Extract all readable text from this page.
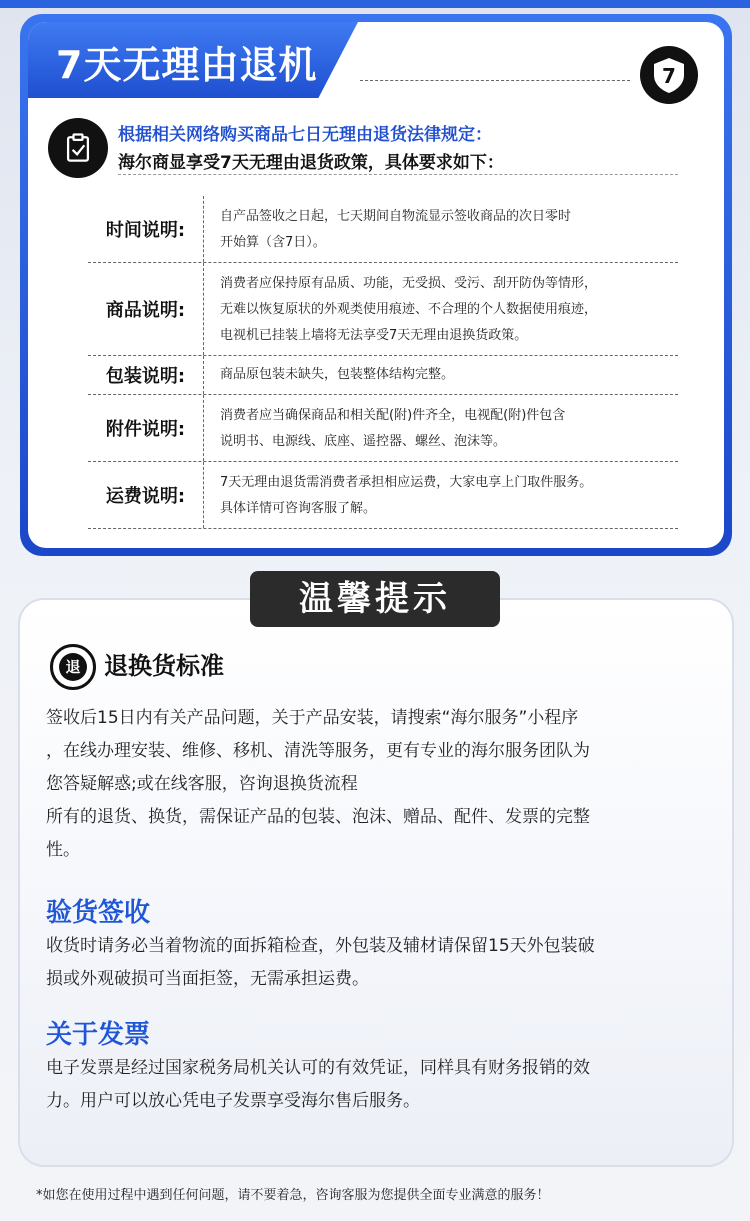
7天无理由退机	7
根据相关网络购买商品七日无理由退货法律规定：
海尔商显享受7天无理由退货政策，具体要求如下：
时间说明:
自产品签收之日起，七天期间自物流显示签收商品的次日零时
开始算（含7日）。
商品说明:
消费者应保持原有品质、功能，无受损、受污、刮开防伪等情形，
无难以恢复原状的外观类使用痕迹、不合理的个人数据使用痕迹，
电视机已挂装上墙将无法享受7天无理由退换货政策。
包装说明:	商品原包装未缺失，包装整体结构完整。
附件说明:
消费者应当确保商品和相关配(附)件齐全，电视配(附)件包含
说明书、电源线、底座、遥控器、螺丝、泡沫等。
运费说明:
7天无理由退货需消费者承担相应运费，大家电享上门取件服务。
具体详情可咨询客服了解。
温馨提示
退 退换货标准
签收后15日内有关产品问题，关于产品安装，请搜索“海尔服务”小程序
，在线办理安装、维修、移机、清洗等服务，更有专业的海尔服务团队为
您答疑解惑;或在线客服，咨询退换货流程
所有的退货、换货，需保证产品的包装、泡沫、赠品、配件、发票的完整
性。
验货签收
收货时请务必当着物流的面拆箱检查，外包装及辅材请保留15天外包装破
损或外观破损可当面拒签，无需承担运费。
关于发票
电子发票是经过国家税务局机关认可的有效凭证，同样具有财务报销的效
力。用户可以放心凭电子发票享受海尔售后服务。
*如您在使用过程中遇到任何问题，请不要着急，咨询客服为您提供全面专业满意的服务！
